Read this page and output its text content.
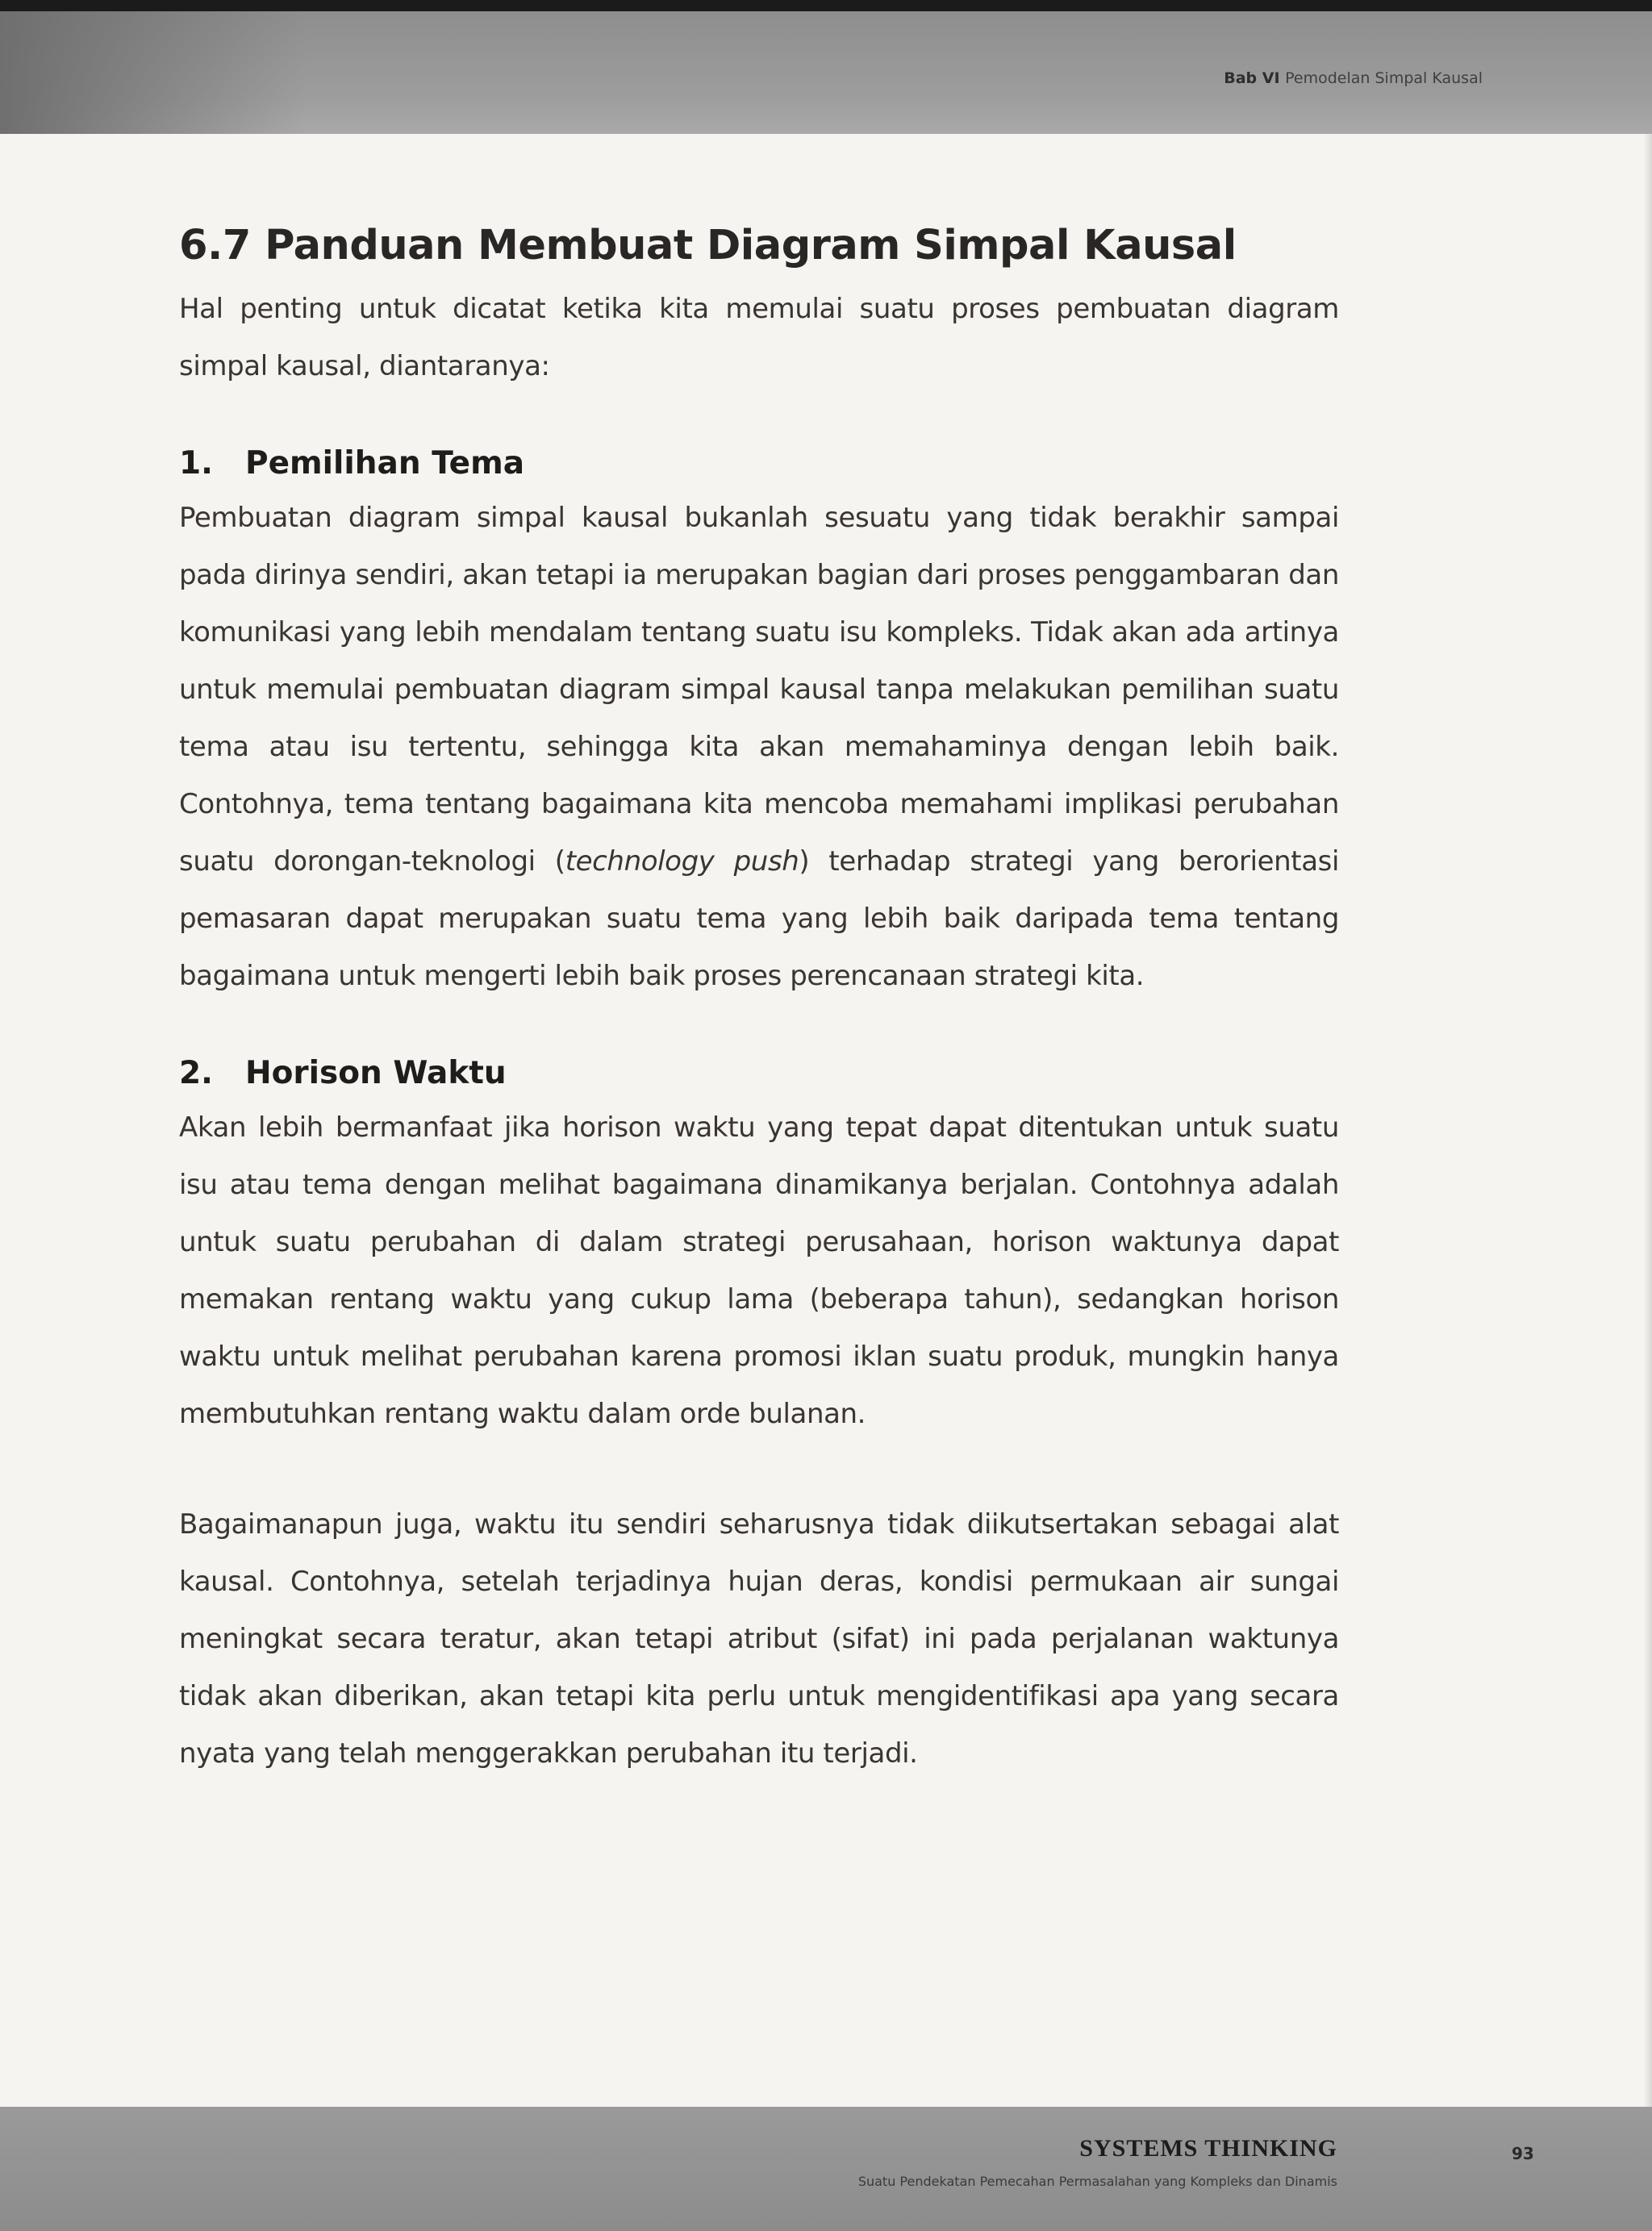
Bab VI Pemodelan Simpal Kausal
6.7 Panduan Membuat Diagram Simpal Kausal

Hal penting untuk dicatat ketika kita memulai suatu proses pembuatan diagram simpal kausal, diantaranya:

1. Pemilihan Tema

Pembuatan diagram simpal kausal bukanlah sesuatu yang tidak berakhir sampai pada dirinya sendiri, akan tetapi ia merupakan bagian dari proses penggambaran dan komunikasi yang lebih mendalam tentang suatu isu kompleks. Tidak akan ada artinya untuk memulai pembuatan diagram simpal kausal tanpa melakukan pemilihan suatu tema atau isu tertentu, sehingga kita akan memahaminya dengan lebih baik. Contohnya, tema tentang bagaimana kita mencoba memahami implikasi perubahan suatu dorongan-teknologi (technology push) terhadap strategi yang berorientasi pemasaran dapat merupakan suatu tema yang lebih baik daripada tema tentang bagaimana untuk mengerti lebih baik proses perencanaan strategi kita.

2. Horison Waktu

Akan lebih bermanfaat jika horison waktu yang tepat dapat ditentukan untuk suatu isu atau tema dengan melihat bagaimana dinamikanya berjalan. Contohnya adalah untuk suatu perubahan di dalam strategi perusahaan, horison waktunya dapat memakan rentang waktu yang cukup lama (beberapa tahun), sedangkan horison waktu untuk melihat perubahan karena promosi iklan suatu produk, mungkin hanya membutuhkan rentang waktu dalam orde bulanan.

Bagaimanapun juga, waktu itu sendiri seharusnya tidak diikutsertakan sebagai alat kausal. Contohnya, setelah terjadinya hujan deras, kondisi permukaan air sungai meningkat secara teratur, akan tetapi atribut (sifat) ini pada perjalanan waktunya tidak akan diberikan, akan tetapi kita perlu untuk mengidentifikasi apa yang secara nyata yang telah menggerakkan perubahan itu terjadi.

SYSTEMS THINKING
Suatu Pendekatan Pemecahan Permasalahan yang Kompleks dan Dinamis
93
